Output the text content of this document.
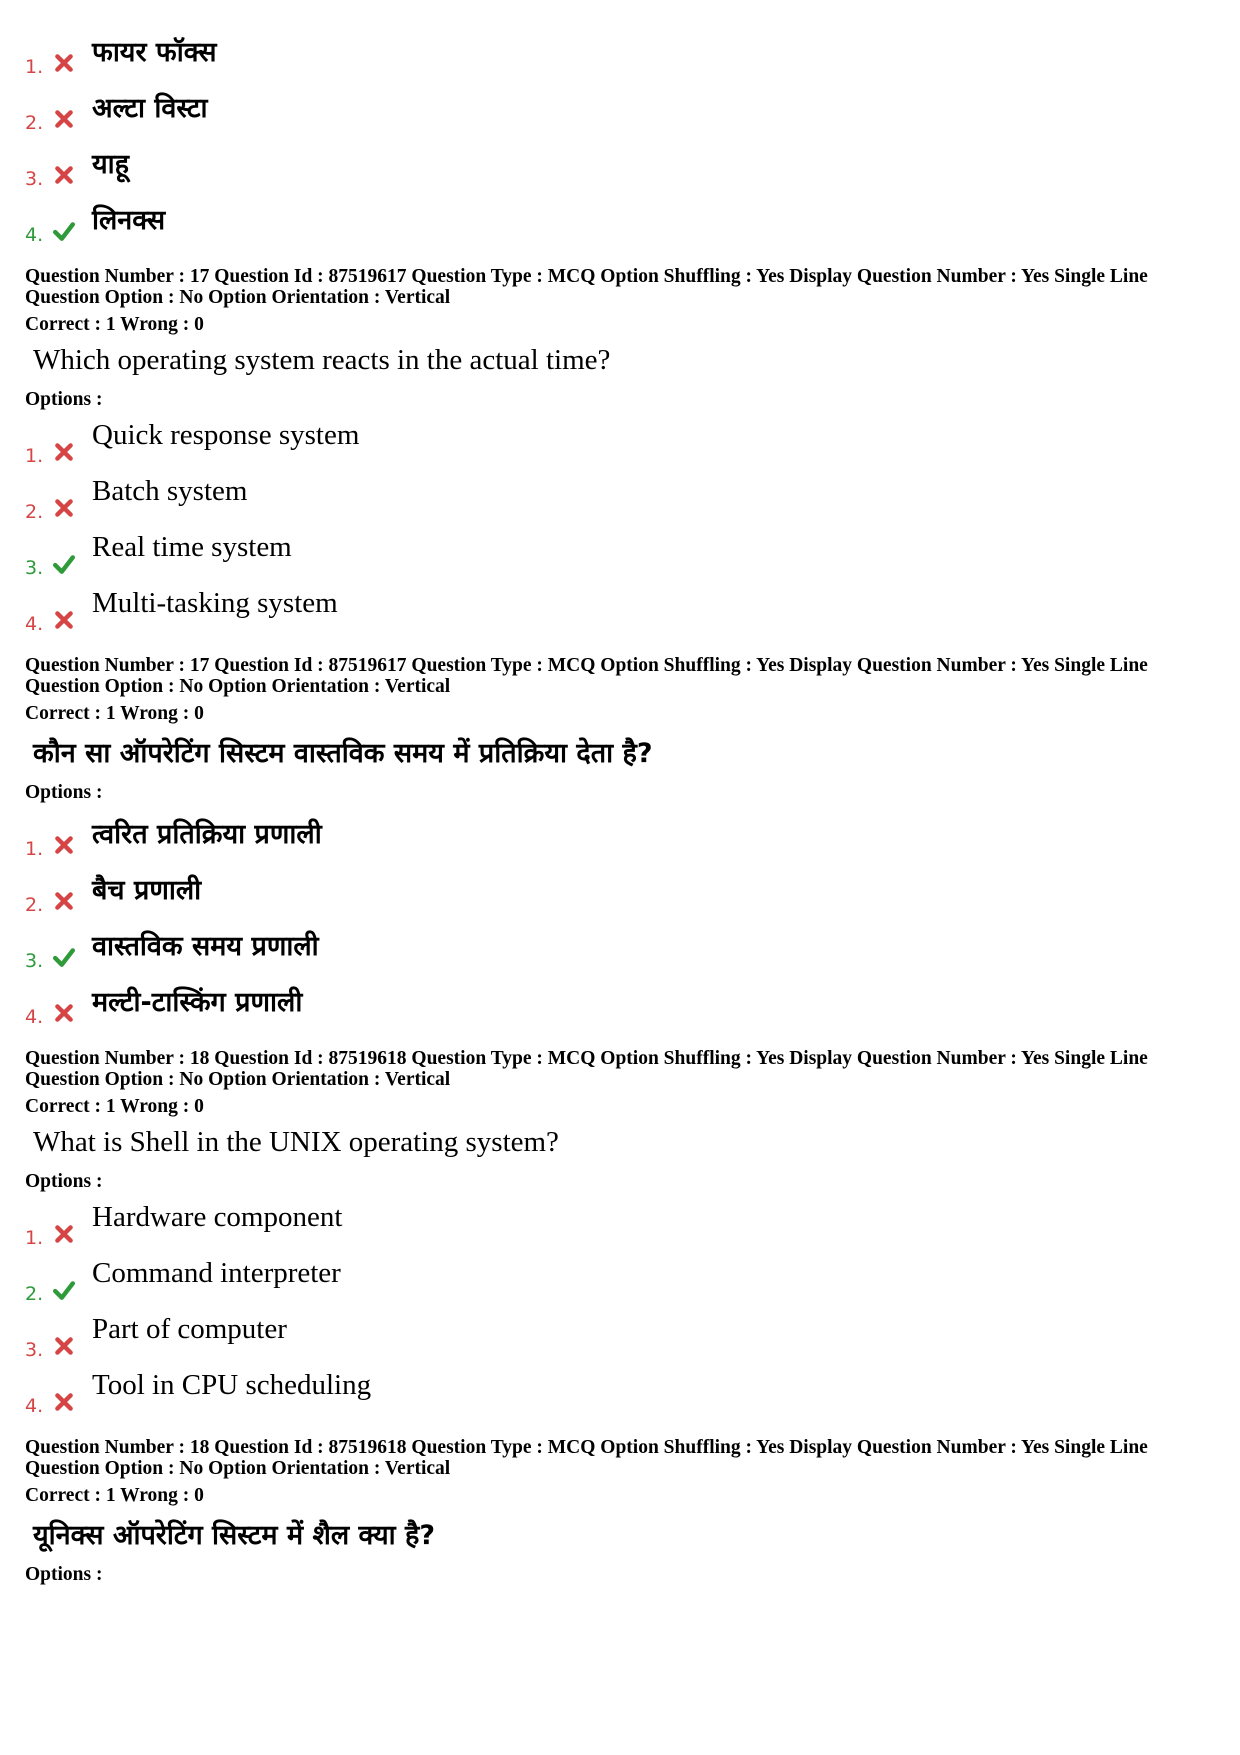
1. फायर फॉक्स
2. अल्टा विस्टा
3. याहू
4. लिनक्स
Question Number : 17 Question Id : 87519617 Question Type : MCQ Option Shuffling : Yes Display Question Number : Yes Single Line Question Option : No Option Orientation : Vertical
Correct : 1 Wrong : 0
Which operating system reacts in the actual time?
Options :
1.
Quick response system
2.
Batch system
3.
Real time system
4.
Multi-tasking system
Question Number : 17 Question Id : 87519617 Question Type : MCQ Option Shuffling : Yes Display Question Number : Yes Single Line Question Option : No Option Orientation : Vertical
Correct : 1 Wrong : 0
कौन सा ऑपरेटिंग सिस्टम वास्तविक समय में प्रतिक्रिया देता है?
Options :
1. त्वरित प्रतिक्रिया प्रणाली
2. बैच प्रणाली
3. वास्तविक समय प्रणाली
4. मल्टी-टास्किंग प्रणाली
Question Number : 18 Question Id : 87519618 Question Type : MCQ Option Shuffling : Yes Display Question Number : Yes Single Line Question Option : No Option Orientation : Vertical
Correct : 1 Wrong : 0
What is Shell in the UNIX operating system?
Options :
1.
Hardware component
2.
Command interpreter
3.
Part of computer
4.
Tool in CPU scheduling
Question Number : 18 Question Id : 87519618 Question Type : MCQ Option Shuffling : Yes Display Question Number : Yes Single Line Question Option : No Option Orientation : Vertical
Correct : 1 Wrong : 0
यूनिक्स ऑपरेटिंग सिस्टम में शैल क्या है?
Options :
